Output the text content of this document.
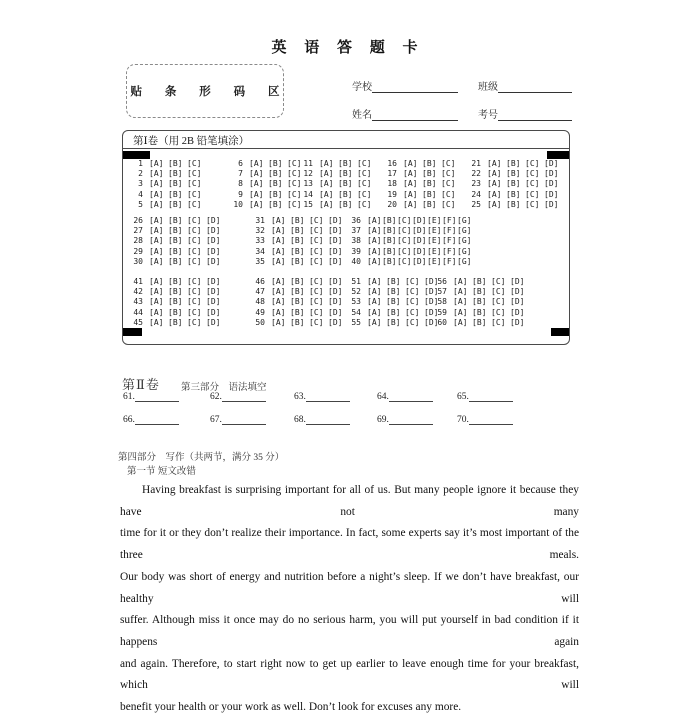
英 语 答 题 卡
贴 条 形 码 区	学校	班级
姓名	考号
第Ⅰ卷（用 2B 铅笔填涂）
1 [A] [B] [C]
2 [A] [B] [C]
3 [A] [B] [C]
4 [A] [B] [C]
5 [A] [B] [C]
6 [A] [B] [C]
7 [A] [B] [C]
8 [A] [B] [C]
9 [A] [B] [C]
10 [A] [B] [C]
11 [A] [B] [C]
12 [A] [B] [C]
13 [A] [B] [C]
14 [A] [B] [C]
15 [A] [B] [C]
16 [A] [B] [C]
17 [A] [B] [C]
18 [A] [B] [C]
19 [A] [B] [C]
20 [A] [B] [C]
21 [A] [B] [C] [D]
22 [A] [B] [C] [D]
23 [A] [B] [C] [D]
24 [A] [B] [C] [D]
25 [A] [B] [C] [D]
26 [A] [B] [C] [D]
27 [A] [B] [C] [D]
28 [A] [B] [C] [D]
29 [A] [B] [C] [D]
30 [A] [B] [C] [D]
31 [A] [B] [C] [D]
32 [A] [B] [C] [D]
33 [A] [B] [C] [D]
34 [A] [B] [C] [D]
35 [A] [B] [C] [D]
36 [A] [B] [C] [D] [E] [F] [G]
37 [A] [B] [C] [D] [E] [F] [G]
38 [A] [B] [C] [D] [E] [F] [G]
39 [A] [B] [C] [D] [E] [F] [G]
40 [A] [B] [C] [D] [E] [F] [G]
41 [A] [B] [C] [D]
42 [A] [B] [C] [D]
43 [A] [B] [C] [D]
44 [A] [B] [C] [D]
45 [A] [B] [C] [D]
46 [A] [B] [C] [D]
47 [A] [B] [C] [D]
48 [A] [B] [C] [D]
49 [A] [B] [C] [D]
50 [A] [B] [C] [D]
51 [A] [B] [C] [D]
52 [A] [B] [C] [D]
53 [A] [B] [C] [D]
54 [A] [B] [C] [D]
55 [A] [B] [C] [D]
56 [A] [B] [C] [D]
57 [A] [B] [C] [D]
58 [A] [B] [C] [D]
59 [A] [B] [C] [D]
60 [A] [B] [C] [D]
第Ⅱ卷 第三部分　语法填空
61.	62.	63.	64.	65.
66.	67.	68.	69.	70.
第四部分　写作（共两节，满分 35 分）
第一节 短文改错

Having breakfast is surprising important for all of us. But many people ignore it because they have not many

time for it or they don’t realize their importance. In fact, some experts say it’s most important of the three meals.

Our body was short of energy and nutrition before a night’s sleep. If we don’t have breakfast, our healthy will

suffer. Although miss it once may do no serious harm, you will put yourself in bad condition if it happens again

and again. Therefore, to start right now to get up earlier to leave enough time for your breakfast, which will

benefit your health or your work as well. Don’t look for excuses any more.
